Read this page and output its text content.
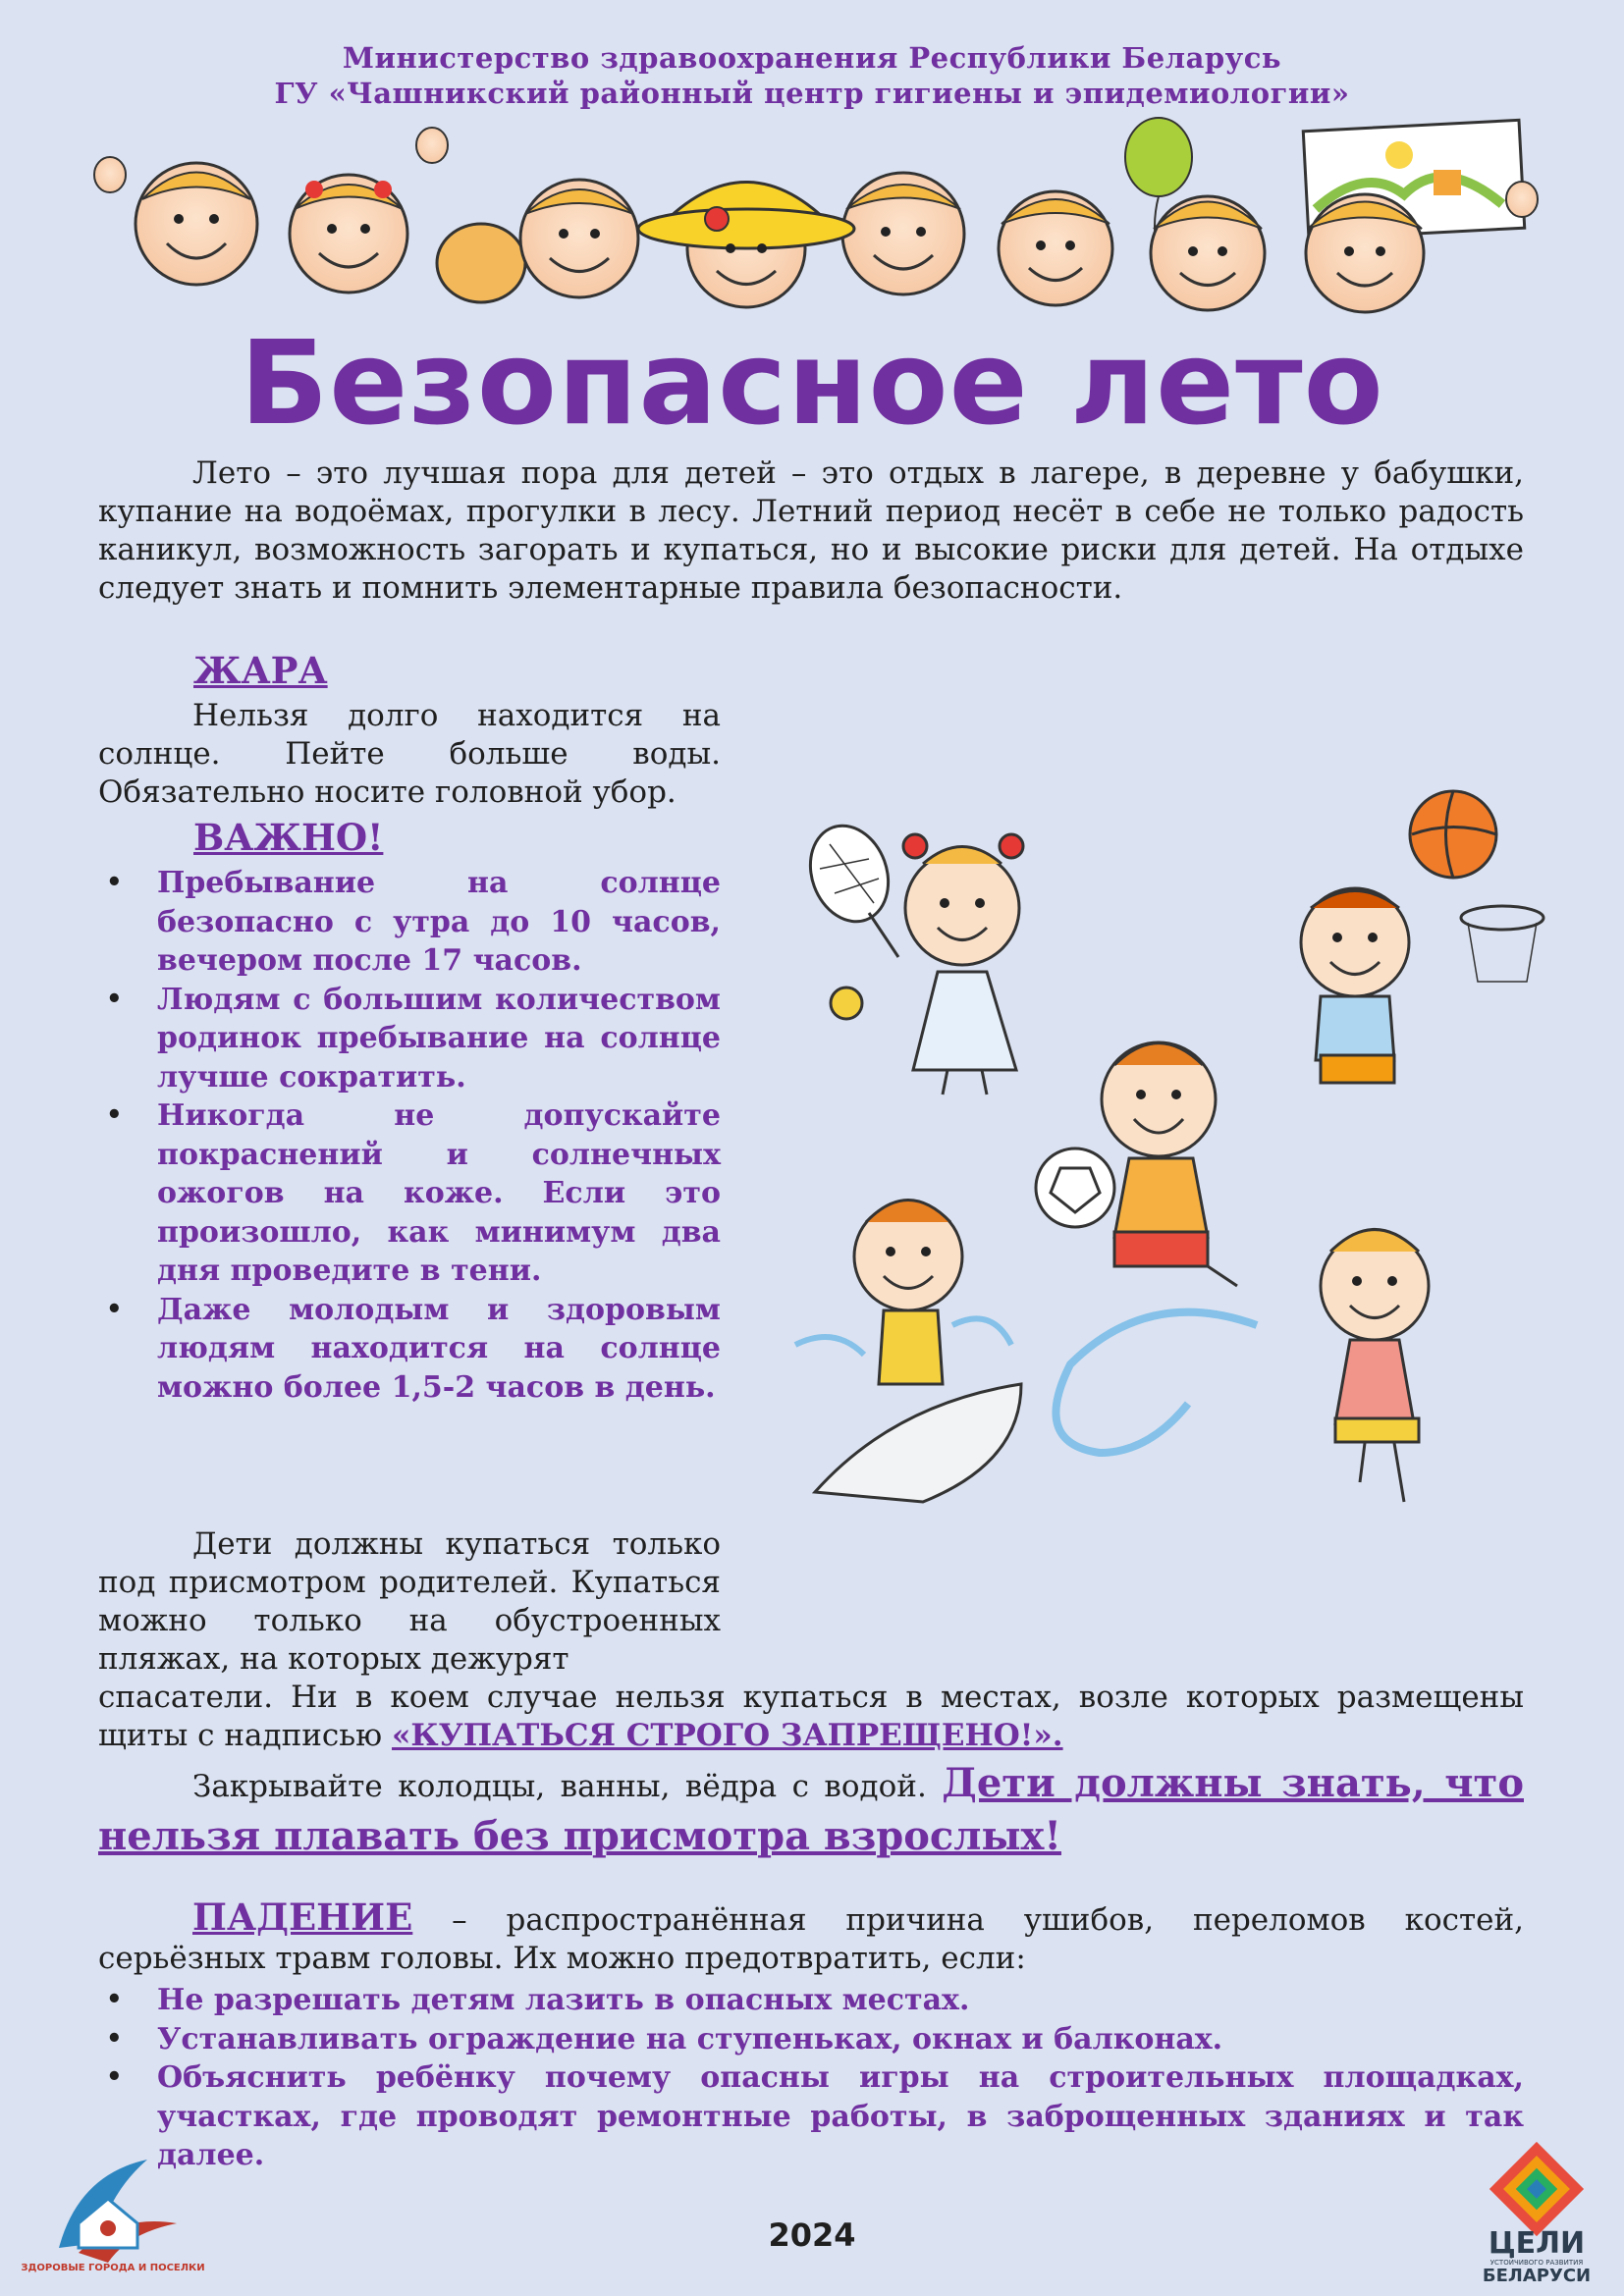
Министерство здравоохранения Республики Беларусь
ГУ «Чашникский районный центр гигиены и эпидемиологии»
Безопасное лето

Лето – это лучшая пора для детей – это отдых в лагере, в деревне у бабушки, купание на водоёмах, прогулки в лесу. Летний период несёт в себе не только радость каникул, возможность загорать и купаться, но и высокие риски для детей. На отдыхе следует знать и помнить элементарные правила безопасности.

ЖАРА

Нельзя долго находится на солнце. Пейте больше воды. Обязательно носите головной убор.

ВАЖНО!
• Пребывание на солнце безопасно с утра до 10 часов, вечером после 17 часов.
• Людям с большим количеством родинок пребывание на солнце лучше сократить.
• Никогда не допускайте покраснений и солнечных ожогов на коже. Если это произошло, как минимум два дня проведите в тени.
• Даже молодым и здоровым людям находится на солнце можно более 1,5-2 часов в день.

Дети должны купаться только под присмотром родителей. Купаться можно только на обустроенных пляжах, на которых дежурят

спасатели. Ни в коем случае нельзя купаться в местах, возле которых размещены щиты с надписью «КУПАТЬСЯ СТРОГО ЗАПРЕЩЕНО!».

Закрывайте колодцы, ванны, вёдра с водой. Дети должны знать, что нельзя плавать без присмотра взрослых!

ПАДЕНИЕ – распространённая причина ушибов, переломов костей, серьёзных травм головы. Их можно предотвратить, если:

• Не разрешать детям лазить в опасных местах.
• Устанавливать ограждение на ступеньках, окнах и балконах.
• Объяснить ребёнку почему опасны игры на строительных площадках, участках, где проводят ремонтные работы, в заброщенных зданиях и так далее.
ЗДОРОВЫЕ ГОРОДА И ПОСЕЛКИ
ЦЕЛИ
УСТОЙЧИВОГО РАЗВИТИЯ
БЕЛАРУСИ
2024
